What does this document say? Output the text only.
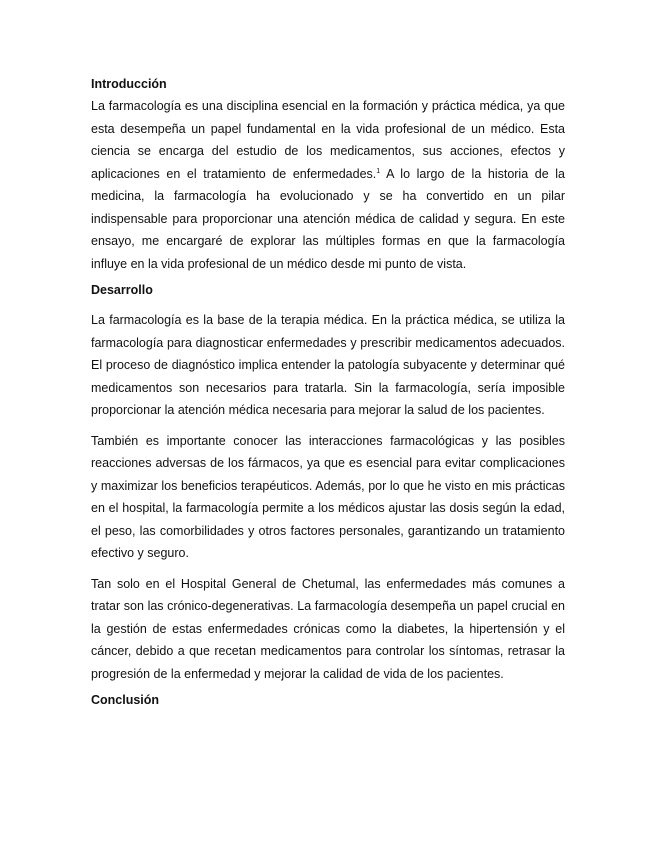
Introducción

La farmacología es una disciplina esencial en la formación y práctica médica, ya que esta desempeña un papel fundamental en la vida profesional de un médico. Esta ciencia se encarga del estudio de los medicamentos, sus acciones, efectos y aplicaciones en el tratamiento de enfermedades.$^1$ A lo largo de la historia de la medicina, la farmacología ha evolucionado y se ha convertido en un pilar indispensable para proporcionar una atención médica de calidad y segura. En este ensayo, me encargaré de explorar las múltiples formas en que la farmacología influye en la vida profesional de un médico desde mi punto de vista.

Desarrollo

La farmacología es la base de la terapia médica. En la práctica médica, se utiliza la farmacología para diagnosticar enfermedades y prescribir medicamentos adecuados. El proceso de diagnóstico implica entender la patología subyacente y determinar qué medicamentos son necesarios para tratarla. Sin la farmacología, sería imposible proporcionar la atención médica necesaria para mejorar la salud de los pacientes.

También es importante conocer las interacciones farmacológicas y las posibles reacciones adversas de los fármacos, ya que es esencial para evitar complicaciones y maximizar los beneficios terapéuticos. Además, por lo que he visto en mis prácticas en el hospital, la farmacología permite a los médicos ajustar las dosis según la edad, el peso, las comorbilidades y otros factores personales, garantizando un tratamiento efectivo y seguro.

Tan solo en el Hospital General de Chetumal, las enfermedades más comunes a tratar son las crónico-degenerativas. La farmacología desempeña un papel crucial en la gestión de estas enfermedades crónicas como la diabetes, la hipertensión y el cáncer, debido a que recetan medicamentos para controlar los síntomas, retrasar la progresión de la enfermedad y mejorar la calidad de vida de los pacientes.

Conclusión
